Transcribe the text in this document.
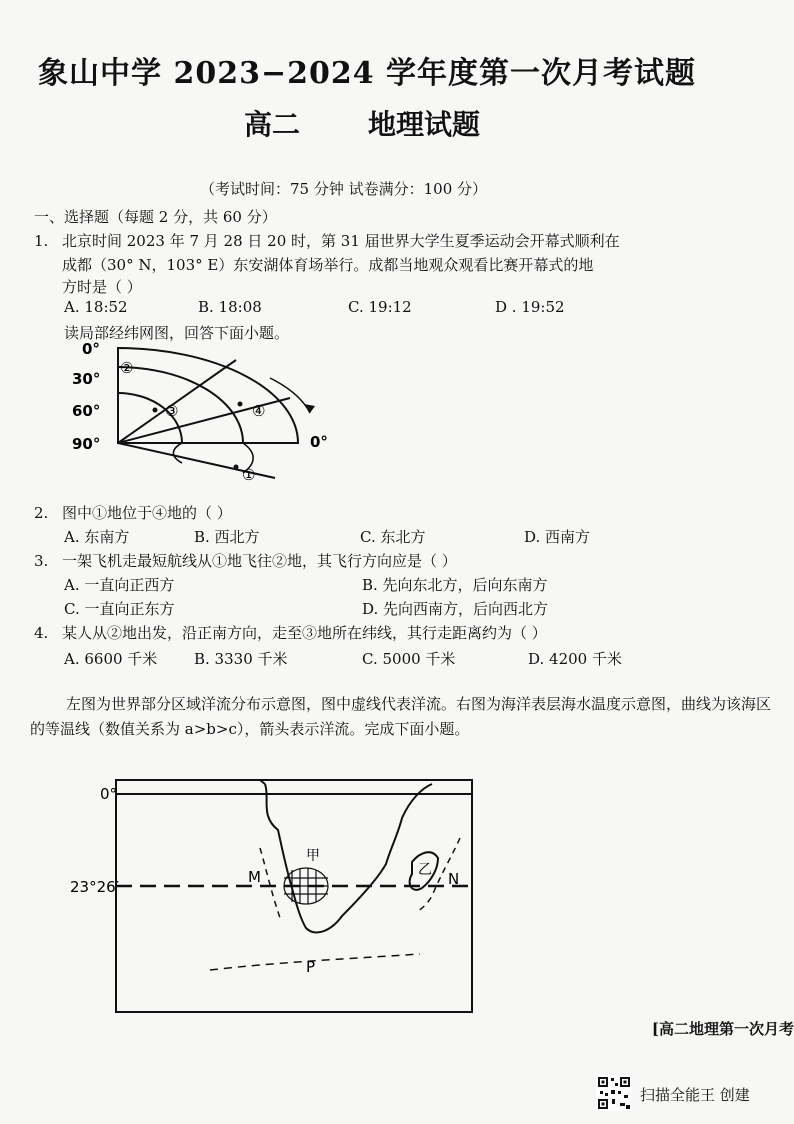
象山中学 2023−2024 学年度第一次月考试题
高二 地理试题
（考试时间：75 分钟 试卷满分：100 分）
一、选择题（每题 2 分，共 60 分）
1. 北京时间 2023 年 7 月 28 日 20 时，第 31 届世界大学生夏季运动会开幕式顺利在
成都（30° N，103° E）东安湖体育场举行。成都当地观众观看比赛开幕式的地
方时是（ ）
A. 18:52	B. 18:08	C. 19:12	D . 19:52
读局部经纬网图，回答下面小题。
0°
30°
60°
90°	0°
②
③	④
①
2. 图中①地位于④地的（ ）
A. 东南方	B. 西北方	C. 东北方	D. 西南方
3. 一架飞机走最短航线从①地飞往②地，其飞行方向应是（ ）
A. 一直向正西方	B. 先向东北方，后向东南方
C. 一直向正东方	D. 先向西南方，后向西北方
4. 某人从②地出发，沿正南方向，走至③地所在纬线，其行走距离约为（ ）
A. 6600 千米 B. 3330 千米	C. 5000 千米	D. 4200 千米
左图为世界部分区域洋流分布示意图，图中虚线代表洋流。右图为海洋表层海水温度示意图，曲线为该海区的等温线（数值关系为 a>b>c），箭头表示洋流。完成下面小题。
0°
23°26′
M	N
P
甲
乙
[高二地理第一次月考
扫描全能王 创建
